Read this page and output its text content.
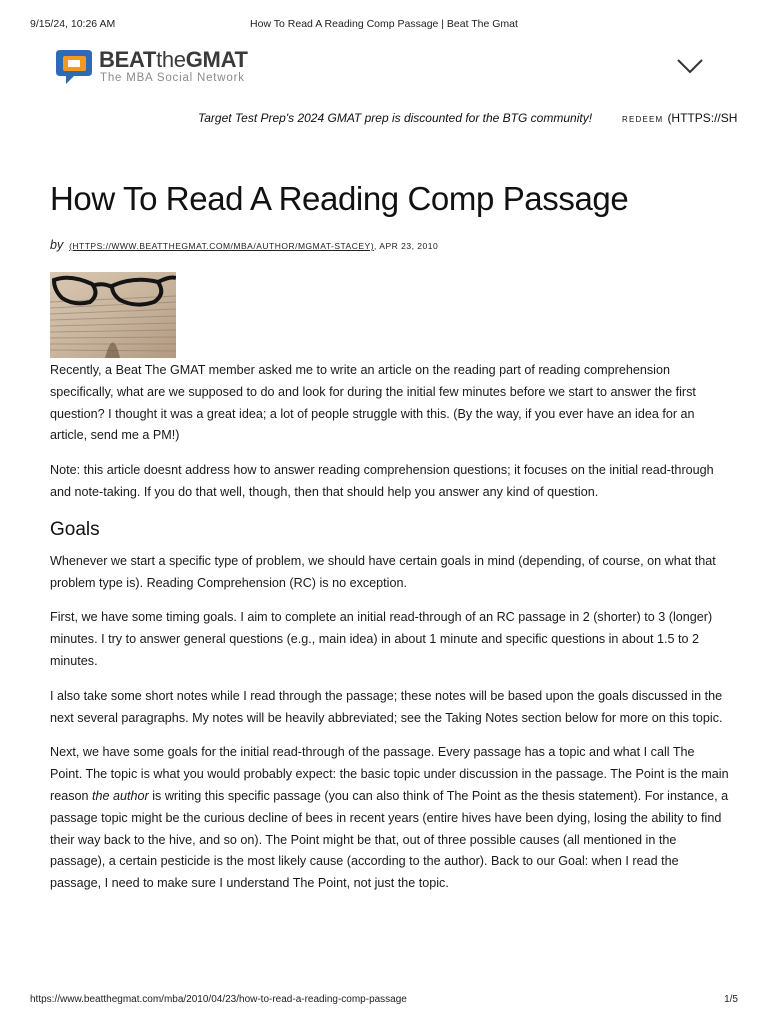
9/15/24, 10:26 AM	How To Read A Reading Comp Passage | Beat The Gmat
BEATtheGMAT
The MBA Social Network
Target Test Prep's 2024 GMAT prep is discounted for the BTG community!	REDEEM (HTTPS://SH
How To Read A Reading Comp Passage
by (HTTPS://WWW.BEATTHEGMAT.COM/MBA/AUTHOR/MGMAT-STACEY), APR 23, 2010

Recently, a Beat The GMAT member asked me to write an article on the reading part of reading comprehension specifically, what are we supposed to do and look for during the initial few minutes before we start to answer the first question? I thought it was a great idea; a lot of people struggle with this. (By the way, if you ever have an idea for an article, send me a PM!)

Note: this article doesnt address how to answer reading comprehension questions; it focuses on the initial read-through and note-taking. If you do that well, though, then that should help you answer any kind of question.

Goals

Whenever we start a specific type of problem, we should have certain goals in mind (depending, of course, on what that problem type is). Reading Comprehension (RC) is no exception.

First, we have some timing goals. I aim to complete an initial read-through of an RC passage in 2 (shorter) to 3 (longer) minutes. I try to answer general questions (e.g., main idea) in about 1 minute and specific questions in about 1.5 to 2 minutes.

I also take some short notes while I read through the passage; these notes will be based upon the goals discussed in the next several paragraphs. My notes will be heavily abbreviated; see the Taking Notes section below for more on this topic.

Next, we have some goals for the initial read-through of the passage. Every passage has a topic and what I call The Point. The topic is what you would probably expect: the basic topic under discussion in the passage. The Point is the main reason the author is writing this specific passage (you can also think of The Point as the thesis statement). For instance, a passage topic might be the curious decline of bees in recent years (entire hives have been dying, losing the ability to find their way back to the hive, and so on). The Point might be that, out of three possible causes (all mentioned in the passage), a certain pesticide is the most likely cause (according to the author). Back to our Goal: when I read the passage, I need to make sure I understand The Point, not just the topic.

https://www.beatthegmat.com/mba/2010/04/23/how-to-read-a-reading-comp-passage	1/5
